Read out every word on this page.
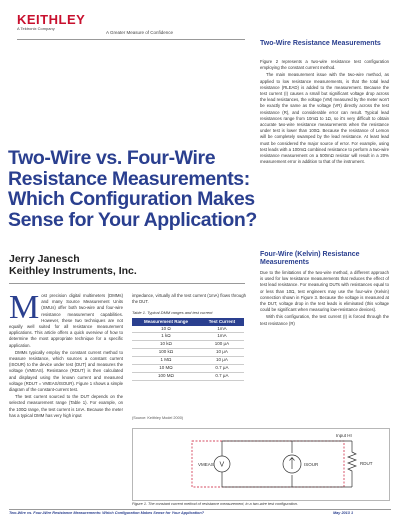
KEITHLEY
A Tektronix Company
A Greater Measure of Confidence
Two-Wire vs. Four-Wire
Resistance Measurements:
Which Configuration Makes
Sense for Your Application?
Jerry Janesch
Keithley Instruments, Inc.
M ost precision digital multimeters (DMMs) and many Source Measurement Units (SMUs) offer both two-wire and four-wire resistance measurement capabilities. However, these two techniques are not equally well suited for all resistance measurement applications. This article offers a quick overview of how to determine the most appropriate technique for a specific application.

DMMs typically employ the constant current method to measure resistance, which sources a constant current (ISOUR) to the device under test (DUT) and measures the voltage (VMEAS). Resistance (RDUT) is then calculated and displayed using the known current and measured voltage (RDUT = VMEAS/ISOUR). Figure 1 shows a simple diagram of the constant-current test.

The test current sourced to the DUT depends on the selected measurement range (Table 1). For example, on the 100Ω range, the test current is 1mA. Because the meter has a typical DMM has very high input

impedance, virtually all the test current (1mA) flows through the DUT.
Table 1. Typical DMM ranges and test current
Measurement Range	Test Current
10 Ω	1mA
1 kΩ	1mA
10 kΩ	100 μA
100 kΩ	10 μA
1 MΩ	10 μA
10 MΩ	0.7 μA
100 MΩ	0.7 μA
(Source: Keithley Model 2000)
Two-Wire Resistance Measurements

Figure 2 represents a two-wire resistance test configuration employing the constant current method.

The main measurement issue with the two-wire method, as applied to low resistance measurements, is that the total lead resistance (RLEAD) is added to the measurement. Because the test current (I) causes a small but significant voltage drop across the lead resistances, the voltage (VM) measured by the meter won't be exactly the same as the voltage (VR) directly across the test resistance (R), and considerable error can result. Typical lead resistances range from 10mΩ to 1Ω, so it's very difficult to obtain accurate two-wire resistance measurements when the resistance under test is lower than 100Ω. Because the resistance of Lemon will be completely swamped by the lead resistance. At least lead must be considered the major source of error. For example, using test leads with a 100mΩ combined resistance to perform a two-wire resistance measurement on a 500mΩ resistor will result in a 20% measurement error in addition to that of the instrument.

Four-Wire (Kelvin) Resistance Measurements

Due to the limitations of the two-wire method, a different approach is used for low resistance measurements that reduces the effect of test lead resistance. For measuring DUTs with resistances equal to or less than 10Ω, test engineers may use the four-wire (Kelvin) connection shown in Figure 3. Because the voltage is measured at the DUT, voltage drop in the test leads is eliminated (this voltage could be significant when measuring low-resistance devices).

With this configuration, the test current (I) is forced through the test resistance (R)

V
VMEAS	ISOUR	RDUT
Input HI
Figure 1. The constant current method of resistance measurement, in a two-wire test configuration.
Two-Wire vs. Four-Wire Resistance Measurements: Which Configuration Makes Sense for Your Application?	May 2013 1
